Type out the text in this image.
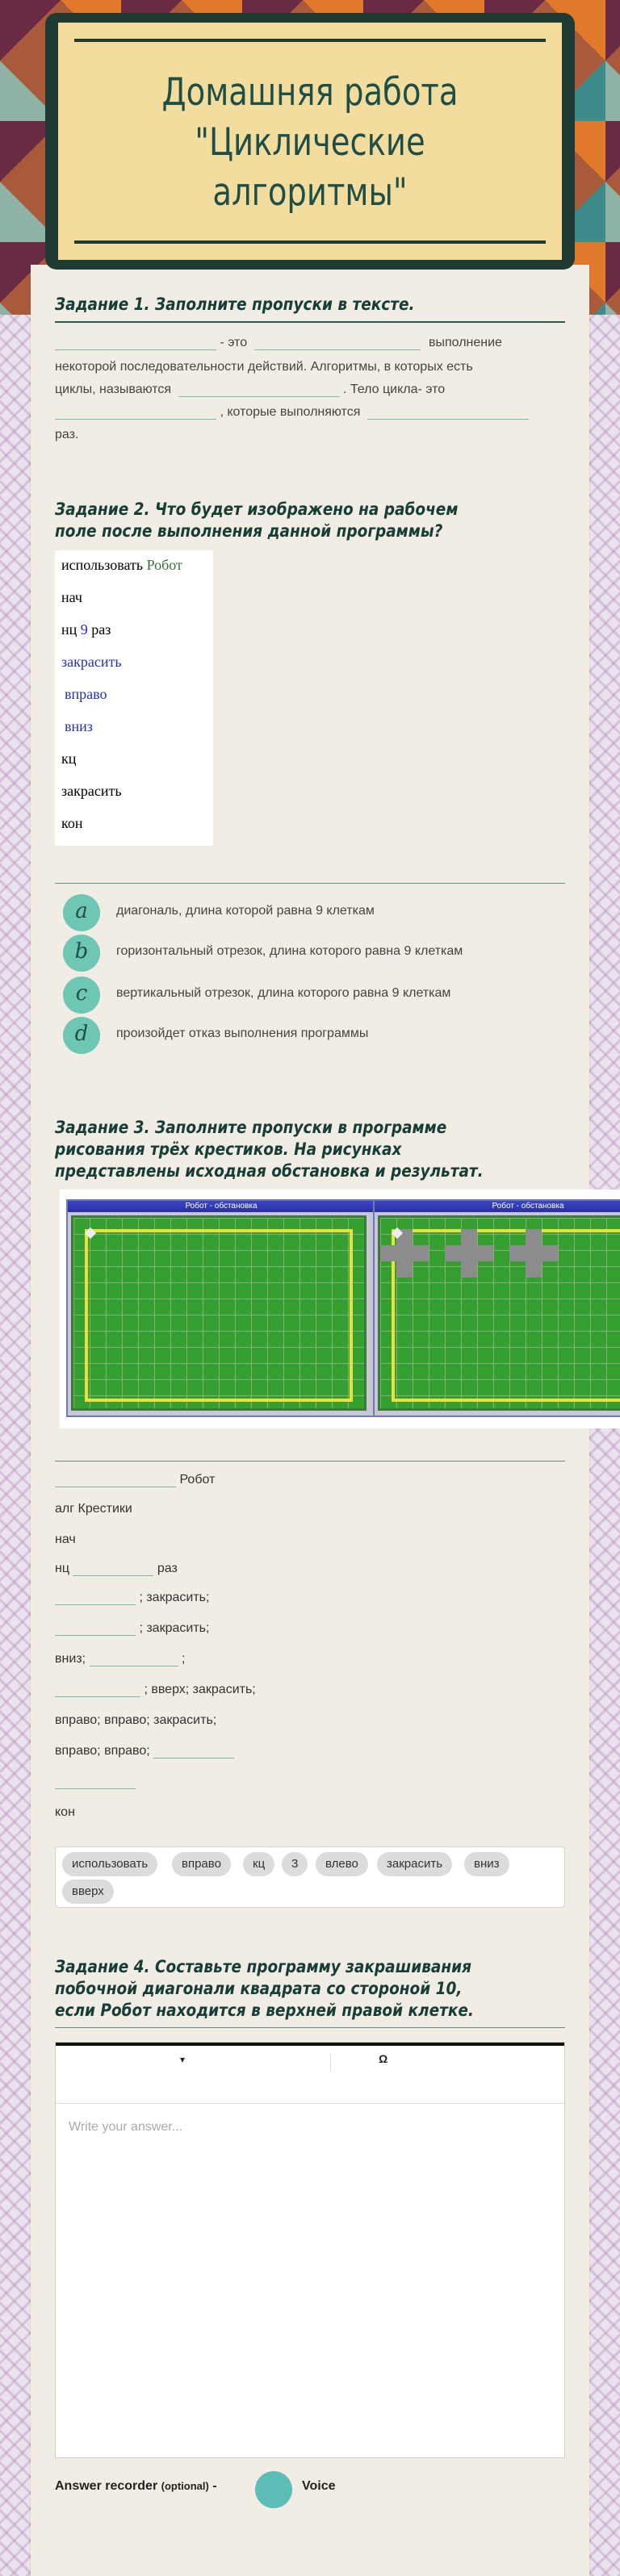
Домашняя работа "Циклические алгоритмы"
Задание 1. Заполните пропуски в тексте.
- это	выполнение
некоторой последовательности действий. Алгоритмы, в которых есть
циклы, называются	. Тело цикла- это
, которые выполняются
раз.
Задание 2. Что будет изображено на рабочем поле после выполнения данной программы?
использовать Робот
нач
нц 9 раз
закрасить
вправо
вниз
кц
закрасить
кон
a	диагональ, длина которой равна 9 клеткам
b	горизонтальный отрезок, длина которого равна 9 клеткам
c	вертикальный отрезок, длина которого равна 9 клеткам
d	произойдет отказ выполнения программы
Задание 3. Заполните пропуски в программе рисования трёх крестиков. На рисунках представлены исходная обстановка и результат.
Робот - обстановка	Робот - обстановка
Робот
алг Крестики
нач
нц	раз
; закрасить;
; закрасить;
вниз;	;
; вверх; закрасить;
вправо; вправо; закрасить;
вправо; вправо;
кон
использовать	вправо	кц	3	влево	закрасить	вниз
вверх
Задание 4. Составьте программу закрашивания побочной диагонали квадрата со стороной 10, если Робот находится в верхней правой клетке.
▾	Ω
Write your answer...
Answer recorder (optional) -	Voice
